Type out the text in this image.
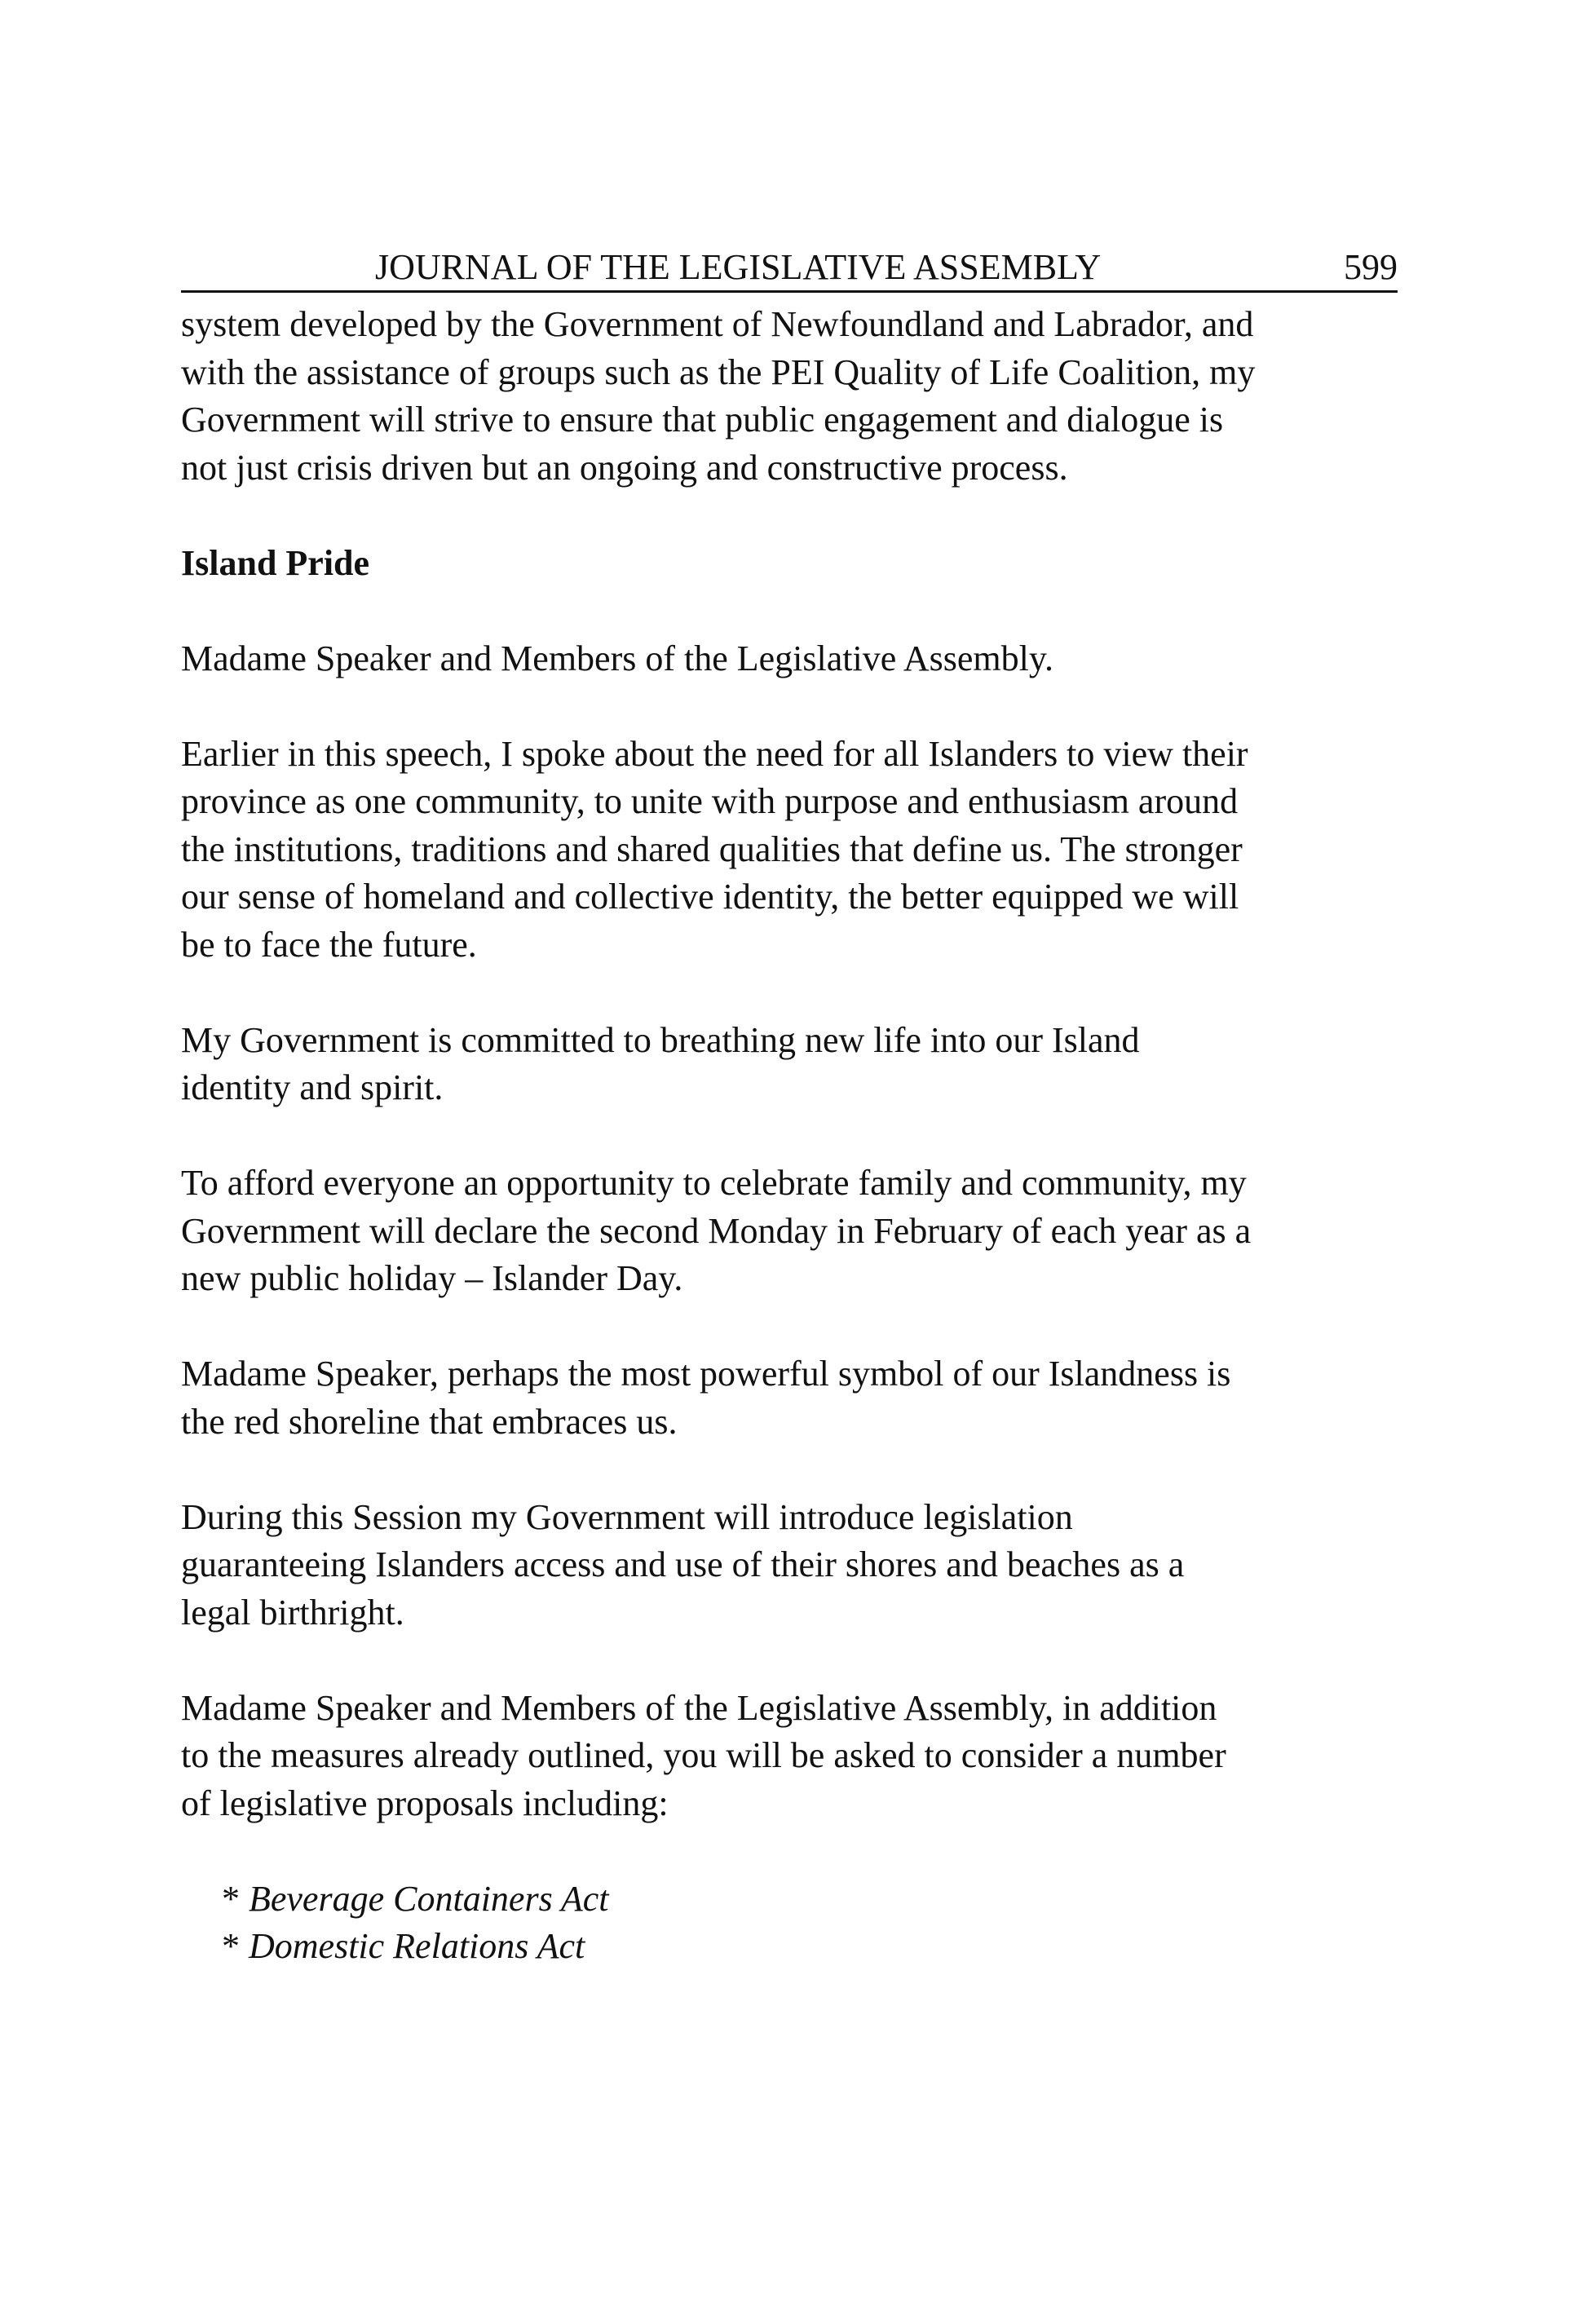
JOURNAL OF THE LEGISLATIVE ASSEMBLY	599

system developed by the Government of Newfoundland and Labrador, and
with the assistance of groups such as the PEI Quality of Life Coalition, my
Government will strive to ensure that public engagement and dialogue is
not just crisis driven but an ongoing and constructive process.

Island Pride

Madame Speaker and Members of the Legislative Assembly.

Earlier in this speech, I spoke about the need for all Islanders to view their
province as one community, to unite with purpose and enthusiasm around
the institutions, traditions and shared qualities that define us. The stronger
our sense of homeland and collective identity, the better equipped we will
be to face the future.

My Government is committed to breathing new life into our Island
identity and spirit.

To afford everyone an opportunity to celebrate family and community, my
Government will declare the second Monday in February of each year as a
new public holiday – Islander Day.

Madame Speaker, perhaps the most powerful symbol of our Islandness is
the red shoreline that embraces us.

During this Session my Government will introduce legislation
guaranteeing Islanders access and use of their shores and beaches as a
legal birthright.

Madame Speaker and Members of the Legislative Assembly, in addition
to the measures already outlined, you will be asked to consider a number
of legislative proposals including:

* Beverage Containers Act
* Domestic Relations Act
